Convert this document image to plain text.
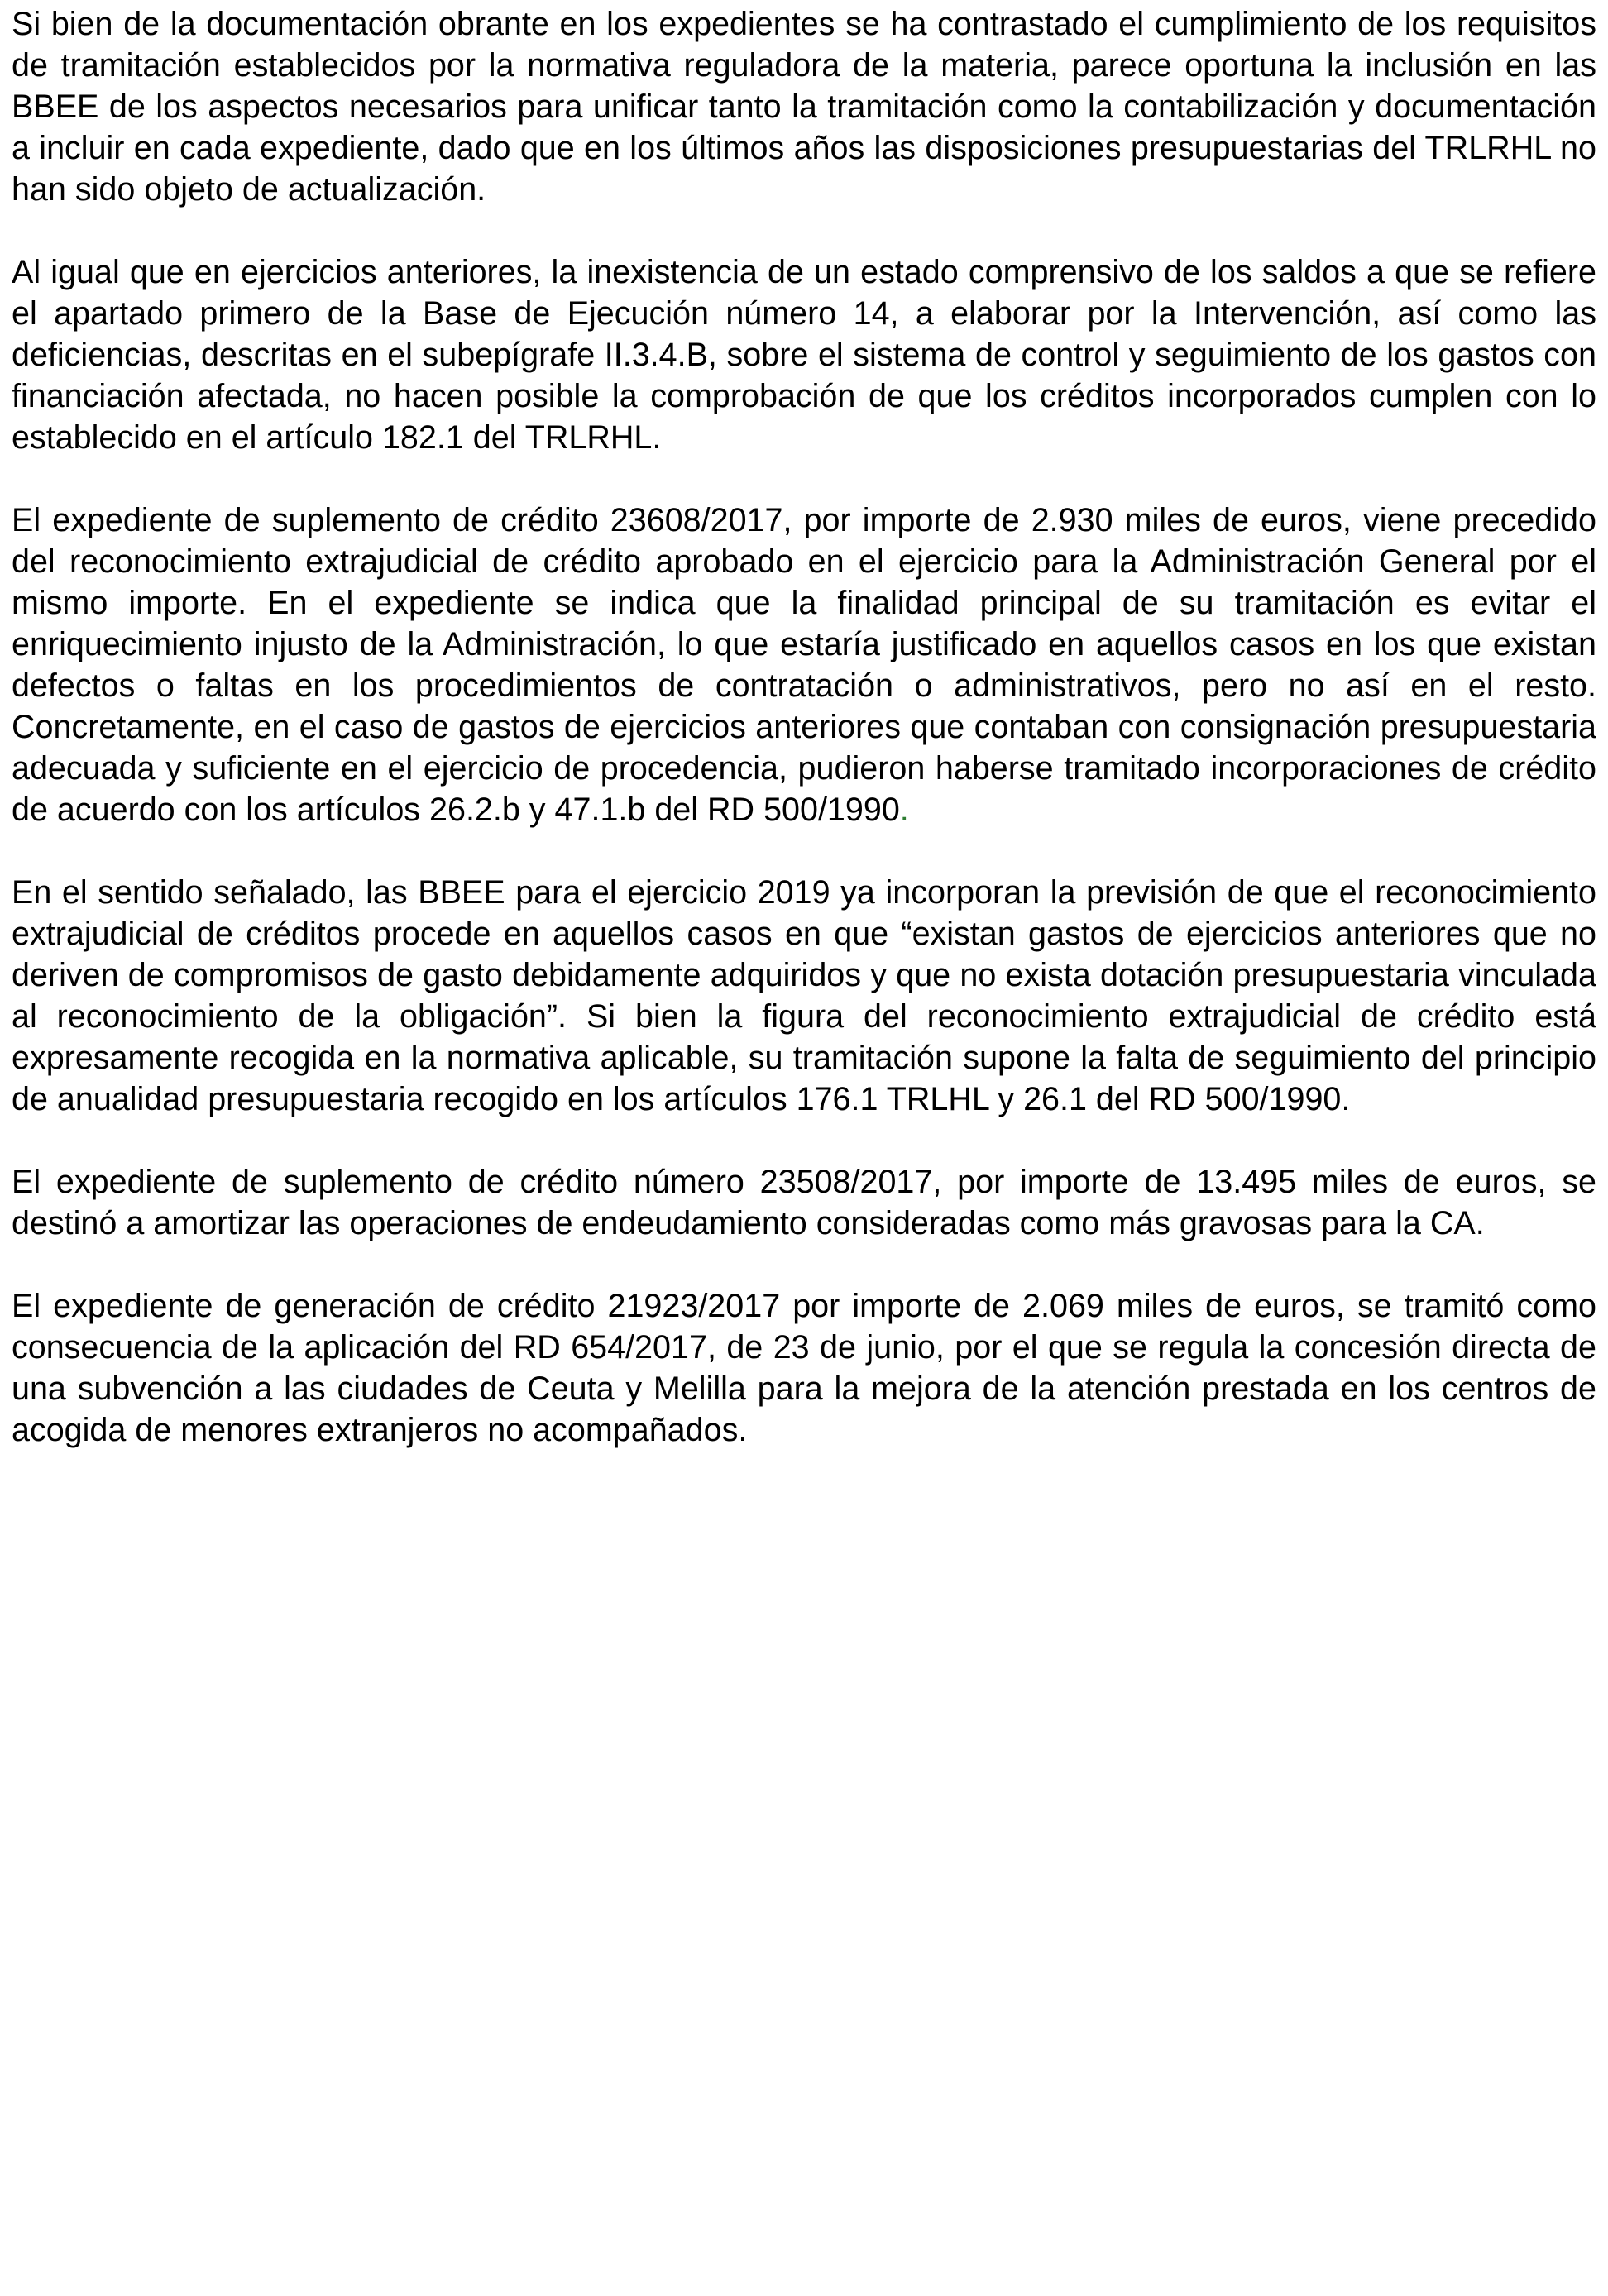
Si bien de la documentación obrante en los expedientes se ha contrastado el cumplimiento de los requisitos de tramitación establecidos por la normativa reguladora de la materia, parece oportuna la inclusión en las BBEE de los aspectos necesarios para unificar tanto la tramitación como la contabilización y documentación a incluir en cada expediente, dado que en los últimos años las disposiciones presupuestarias del TRLRHL no han sido objeto de actualización.

Al igual que en ejercicios anteriores, la inexistencia de un estado comprensivo de los saldos a que se refiere el apartado primero de la Base de Ejecución número 14, a elaborar por la Intervención, así como las deficiencias, descritas en el subepígrafe II.3.4.B, sobre el sistema de control y seguimiento de los gastos con financiación afectada, no hacen posible la comprobación de que los créditos incorporados cumplen con lo establecido en el artículo 182.1 del TRLRHL.

El expediente de suplemento de crédito 23608/2017, por importe de 2.930 miles de euros, viene precedido del reconocimiento extrajudicial de crédito aprobado en el ejercicio para la Administración General por el mismo importe. En el expediente se indica que la finalidad principal de su tramitación es evitar el enriquecimiento injusto de la Administración, lo que estaría justificado en aquellos casos en los que existan defectos o faltas en los procedimientos de contratación o administrativos, pero no así en el resto. Concretamente, en el caso de gastos de ejercicios anteriores que contaban con consignación presupuestaria adecuada y suficiente en el ejercicio de procedencia, pudieron haberse tramitado incorporaciones de crédito de acuerdo con los artículos 26.2.b y 47.1.b del RD 500/1990.

En el sentido señalado, las BBEE para el ejercicio 2019 ya incorporan la previsión de que el reconocimiento extrajudicial de créditos procede en aquellos casos en que “existan gastos de ejercicios anteriores que no deriven de compromisos de gasto debidamente adquiridos y que no exista dotación presupuestaria vinculada al reconocimiento de la obligación”. Si bien la figura del reconocimiento extrajudicial de crédito está expresamente recogida en la normativa aplicable, su tramitación supone la falta de seguimiento del principio de anualidad presupuestaria recogido en los artículos 176.1 TRLHL y 26.1 del RD 500/1990.

El expediente de suplemento de crédito número 23508/2017, por importe de 13.495 miles de euros, se destinó a amortizar las operaciones de endeudamiento consideradas como más gravosas para la CA.

El expediente de generación de crédito 21923/2017 por importe de 2.069 miles de euros, se tramitó como consecuencia de la aplicación del RD 654/2017, de 23 de junio, por el que se regula la concesión directa de una subvención a las ciudades de Ceuta y Melilla para la mejora de la atención prestada en los centros de acogida de menores extranjeros no acompañados.
